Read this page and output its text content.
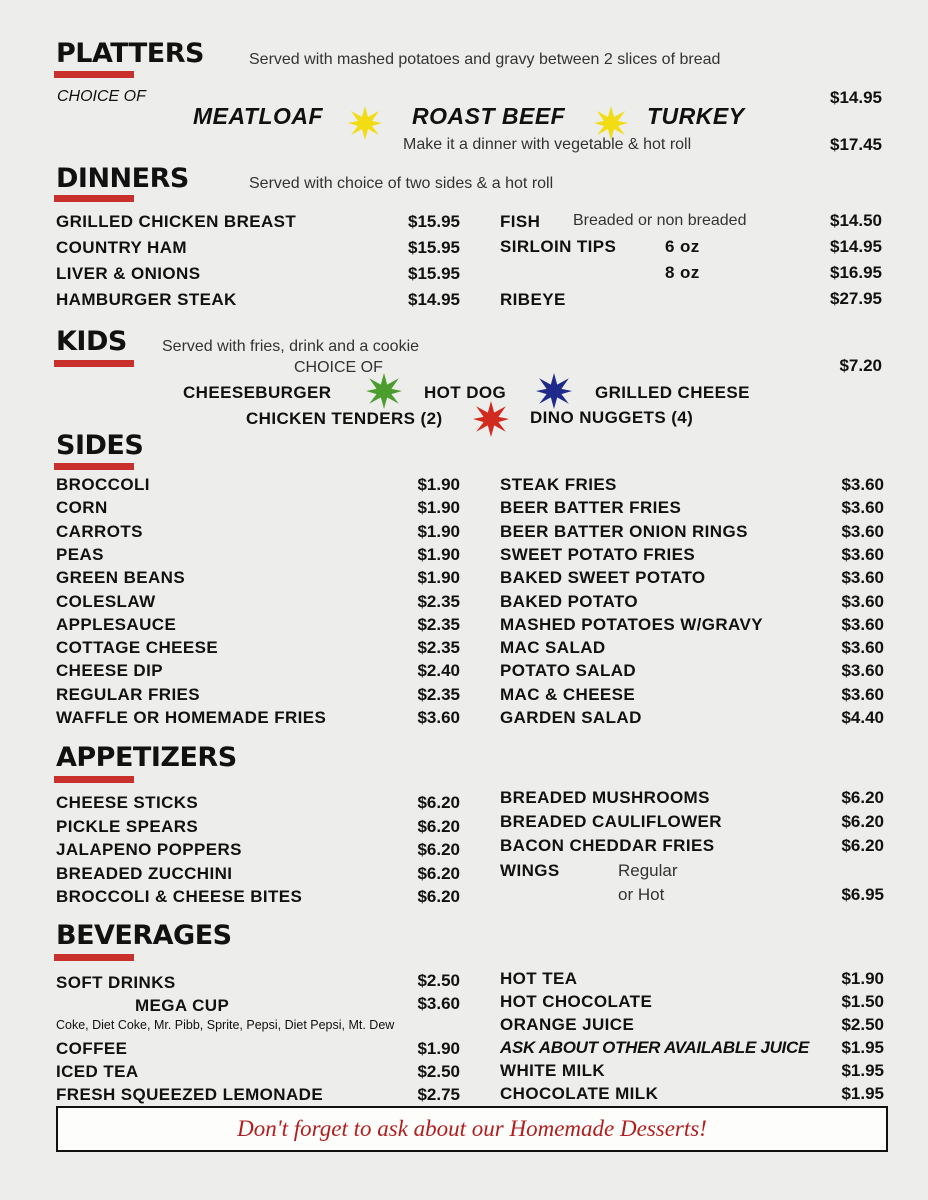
PLATTERS	Served with mashed potatoes and gravy between 2 slices of bread
CHOICE OF	$14.95
MEATLOAF	ROAST BEEF	TURKEY
Make it a dinner with vegetable & hot roll	$17.45
DINNERS	Served with choice of two sides & a hot roll
GRILLED CHICKEN BREAST	$15.95
COUNTRY HAM	$15.95
LIVER & ONIONS	$15.95
HAMBURGER STEAK	$14.95
FISH Breaded or non breaded	$14.50
SIRLOIN TIPS	6 oz	$14.95
8 oz	$16.95
RIBEYE	$27.95
KIDS Served with fries, drink and a cookie
CHOICE OF	$7.20
CHEESEBURGER	HOT DOG	GRILLED CHEESE
CHICKEN TENDERS (2)	DINO NUGGETS (4)
SIDES
BROCCOLI	$1.90
CORN	$1.90
CARROTS	$1.90
PEAS	$1.90
GREEN BEANS	$1.90
COLESLAW	$2.35
APPLESAUCE	$2.35
COTTAGE CHEESE	$2.35
CHEESE DIP	$2.40
REGULAR FRIES	$2.35
WAFFLE OR HOMEMADE FRIES	$3.60
STEAK FRIES	$3.60
BEER BATTER FRIES	$3.60
BEER BATTER ONION RINGS	$3.60
SWEET POTATO FRIES	$3.60
BAKED SWEET POTATO	$3.60
BAKED POTATO	$3.60
MASHED POTATOES W/GRAVY	$3.60
MAC SALAD	$3.60
POTATO SALAD	$3.60
MAC & CHEESE	$3.60
GARDEN SALAD	$4.40
APPETIZERS
CHEESE STICKS	$6.20
PICKLE SPEARS	$6.20
JALAPENO POPPERS	$6.20
BREADED ZUCCHINI	$6.20
BROCCOLI & CHEESE BITES	$6.20
BREADED MUSHROOMS	$6.20
BREADED CAULIFLOWER	$6.20
BACON CHEDDAR FRIES	$6.20
WINGS	Regular
or Hot	$6.95
BEVERAGES
SOFT DRINKS	$2.50
MEGA CUP	$3.60
Coke, Diet Coke, Mr. Pibb, Sprite, Pepsi, Diet Pepsi, Mt. Dew
COFFEE	$1.90
ICED TEA	$2.50
FRESH SQUEEZED LEMONADE	$2.75
HOT TEA	$1.90
HOT CHOCOLATE	$1.50
ORANGE JUICE	$2.50
ASK ABOUT OTHER AVAILABLE JUICE $1.95
WHITE MILK	$1.95
CHOCOLATE MILK	$1.95
Don't forget to ask about our Homemade Desserts!
